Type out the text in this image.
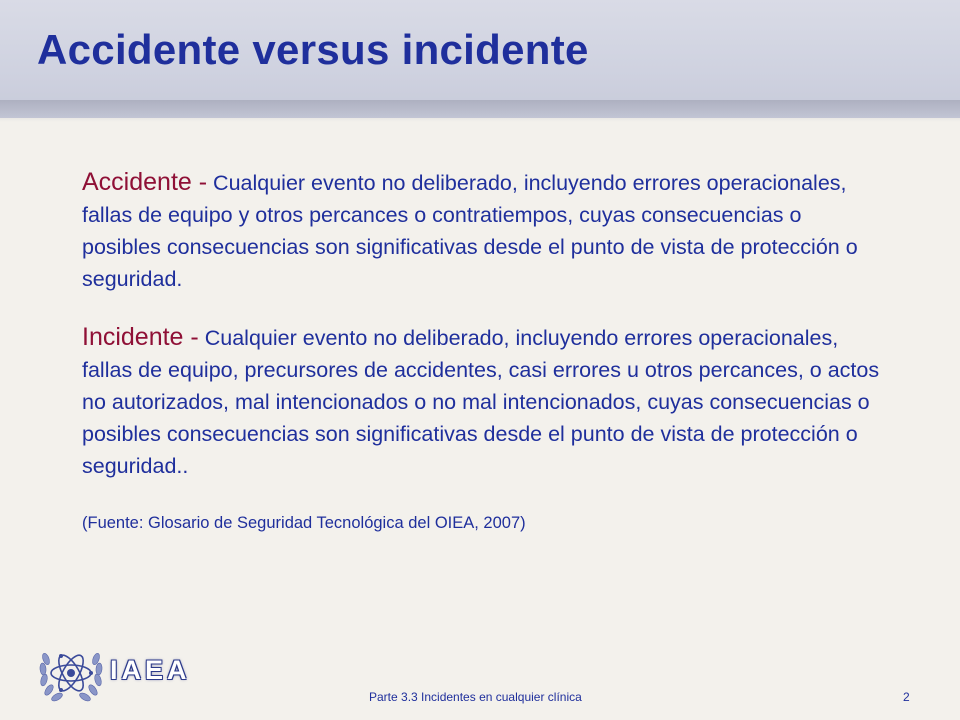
Accidente versus incidente

Accidente - Cualquier evento no deliberado, incluyendo errores operacionales, fallas de equipo y otros percances o contratiempos, cuyas consecuencias o posibles consecuencias son significativas desde el punto de vista de protección o seguridad.

Incidente - Cualquier evento no deliberado, incluyendo errores operacionales, fallas de equipo, precursores de accidentes, casi errores u otros percances, o actos no autorizados, mal intencionados o no mal intencionados, cuyas consecuencias o posibles consecuencias son significativas desde el punto de vista de protección o seguridad..

(Fuente: Glosario de Seguridad Tecnológica del OIEA, 2007)

IAEA

Parte 3.3 Incidentes en cualquier clínica	2
